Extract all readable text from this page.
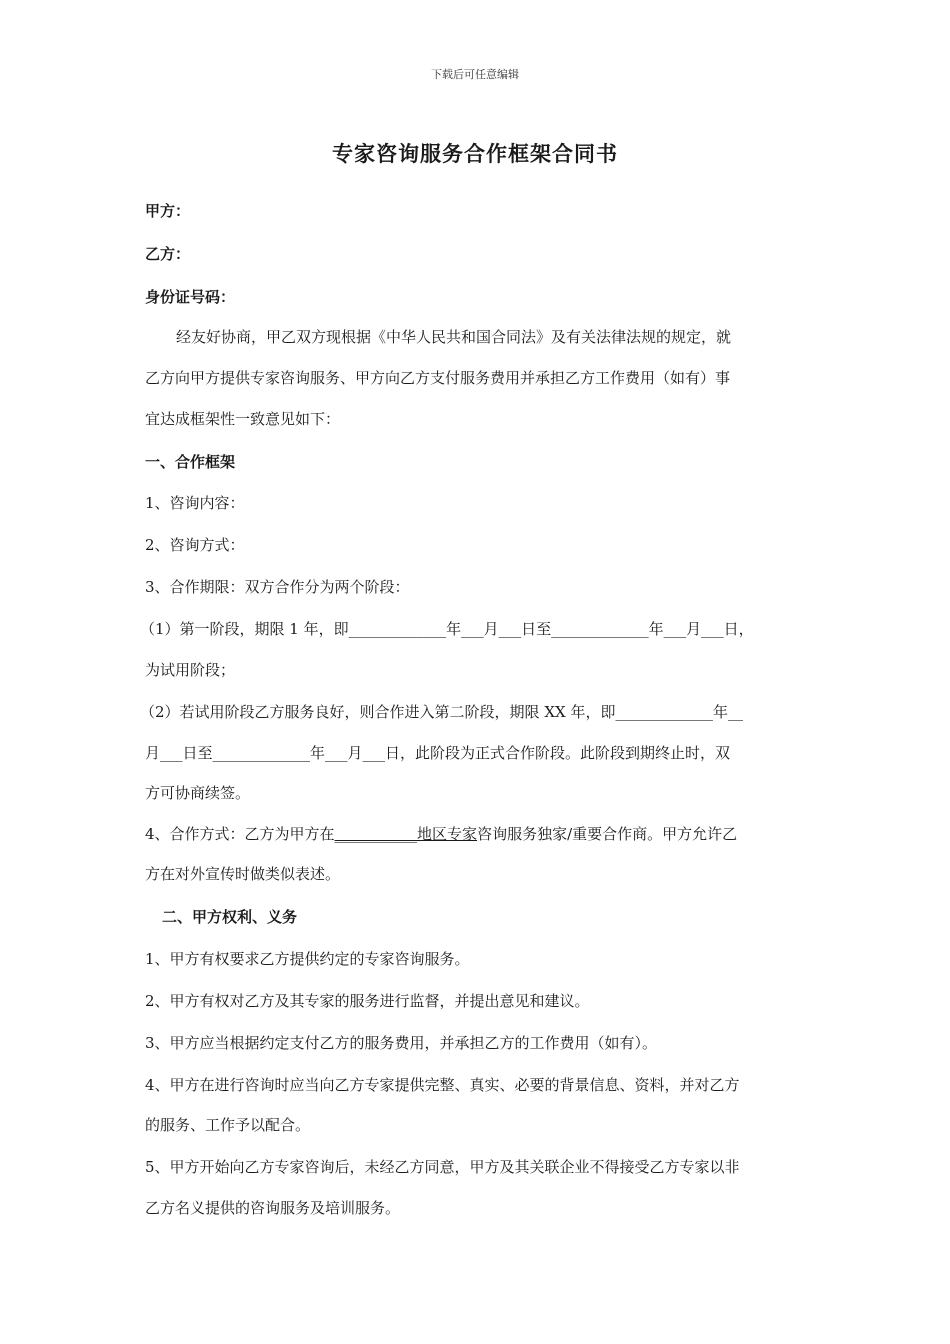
下载后可任意编辑
专家咨询服务合作框架合同书
甲方：
乙方：
身份证号码：
经友好协商，甲乙双方现根据《中华人民共和国合同法》及有关法律法规的规定，就
乙方向甲方提供专家咨询服务、甲方向乙方支付服务费用并承担乙方工作费用（如有）事
宜达成框架性一致意见如下：
一、合作框架
1、咨询内容：
2、咨询方式：
3、合作期限：双方合作分为两个阶段：
（1）第一阶段，期限 1 年，即_____________年___月___日至_____________年___月___日，
为试用阶段；
（2）若试用阶段乙方服务良好，则合作进入第二阶段，期限 XX 年，即_____________年__
月___日至_____________年___月___日，此阶段为正式合作阶段。此阶段到期终止时，双
方可协商续签。
4、合作方式：乙方为甲方在___________地区专家咨询服务独家/重要合作商。甲方允许乙
方在对外宣传时做类似表述。
二、甲方权利、义务
1、甲方有权要求乙方提供约定的专家咨询服务。
2、甲方有权对乙方及其专家的服务进行监督，并提出意见和建议。
3、甲方应当根据约定支付乙方的服务费用，并承担乙方的工作费用（如有）。
4、甲方在进行咨询时应当向乙方专家提供完整、真实、必要的背景信息、资料，并对乙方
的服务、工作予以配合。
5、甲方开始向乙方专家咨询后，未经乙方同意，甲方及其关联企业不得接受乙方专家以非
乙方名义提供的咨询服务及培训服务。
